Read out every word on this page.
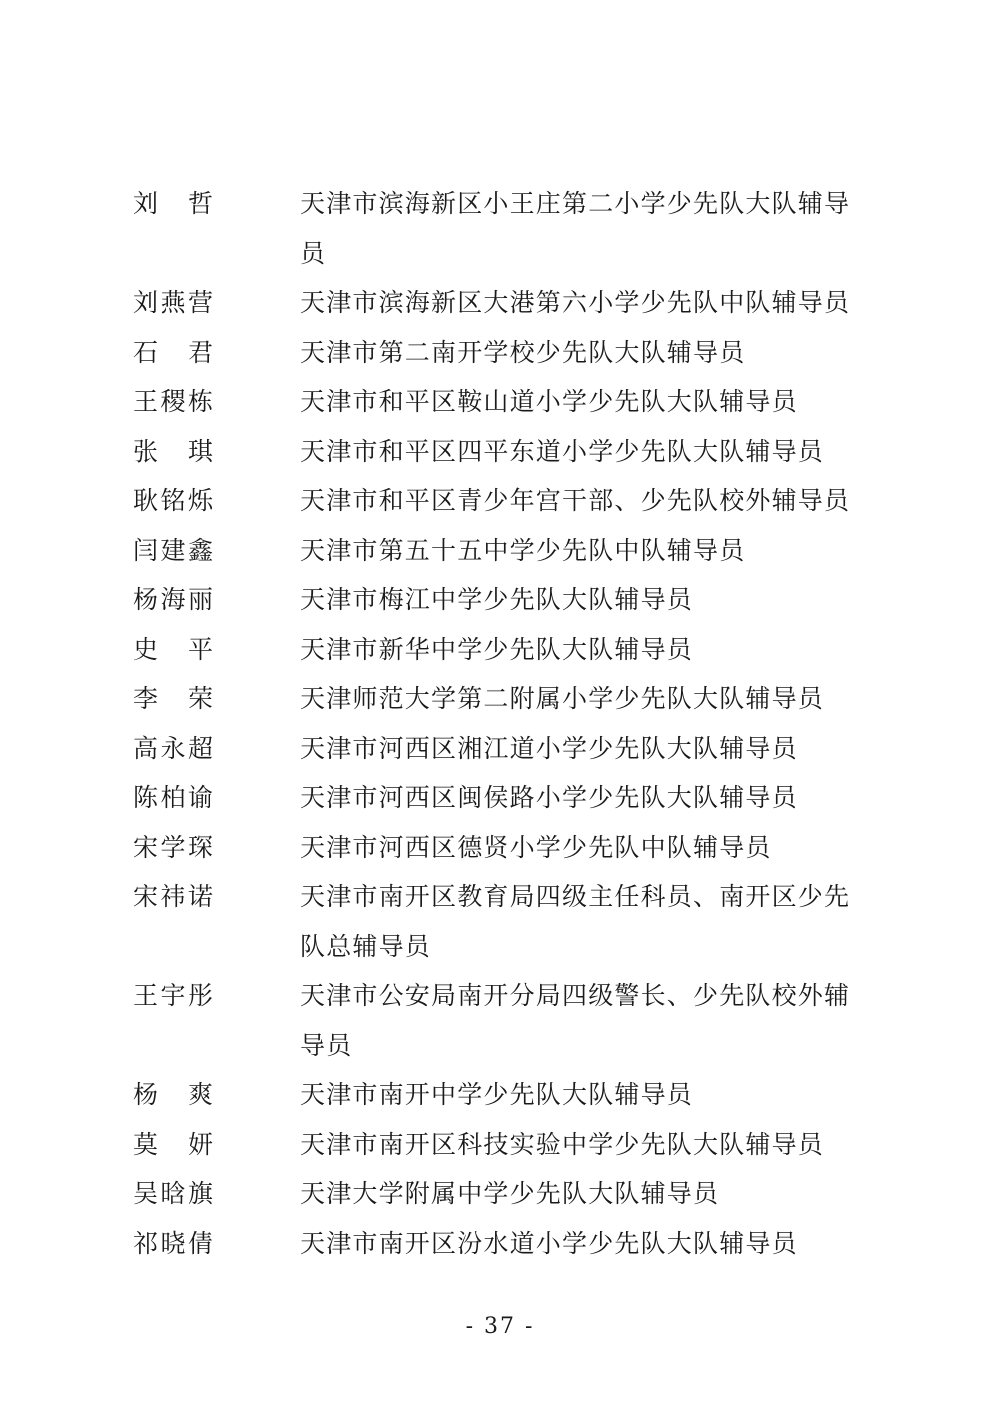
刘哲	天津市滨海新区小王庄第二小学少先队大队辅导员
刘燕营	天津市滨海新区大港第六小学少先队中队辅导员
石君	天津市第二南开学校少先队大队辅导员
王稷栋	天津市和平区鞍山道小学少先队大队辅导员
张琪	天津市和平区四平东道小学少先队大队辅导员
耿铭烁	天津市和平区青少年宫干部、少先队校外辅导员
闫建鑫	天津市第五十五中学少先队中队辅导员
杨海丽	天津市梅江中学少先队大队辅导员
史平	天津市新华中学少先队大队辅导员
李荣	天津师范大学第二附属小学少先队大队辅导员
高永超	天津市河西区湘江道小学少先队大队辅导员
陈柏谕	天津市河西区闽侯路小学少先队大队辅导员
宋学琛	天津市河西区德贤小学少先队中队辅导员
宋祎诺	天津市南开区教育局四级主任科员、南开区少先队总辅导员
王宇彤	天津市公安局南开分局四级警长、少先队校外辅导员
杨爽	天津市南开中学少先队大队辅导员
莫妍	天津市南开区科技实验中学少先队大队辅导员
吴晗旗	天津大学附属中学少先队大队辅导员
祁晓倩	天津市南开区汾水道小学少先队大队辅导员
- 37 -
